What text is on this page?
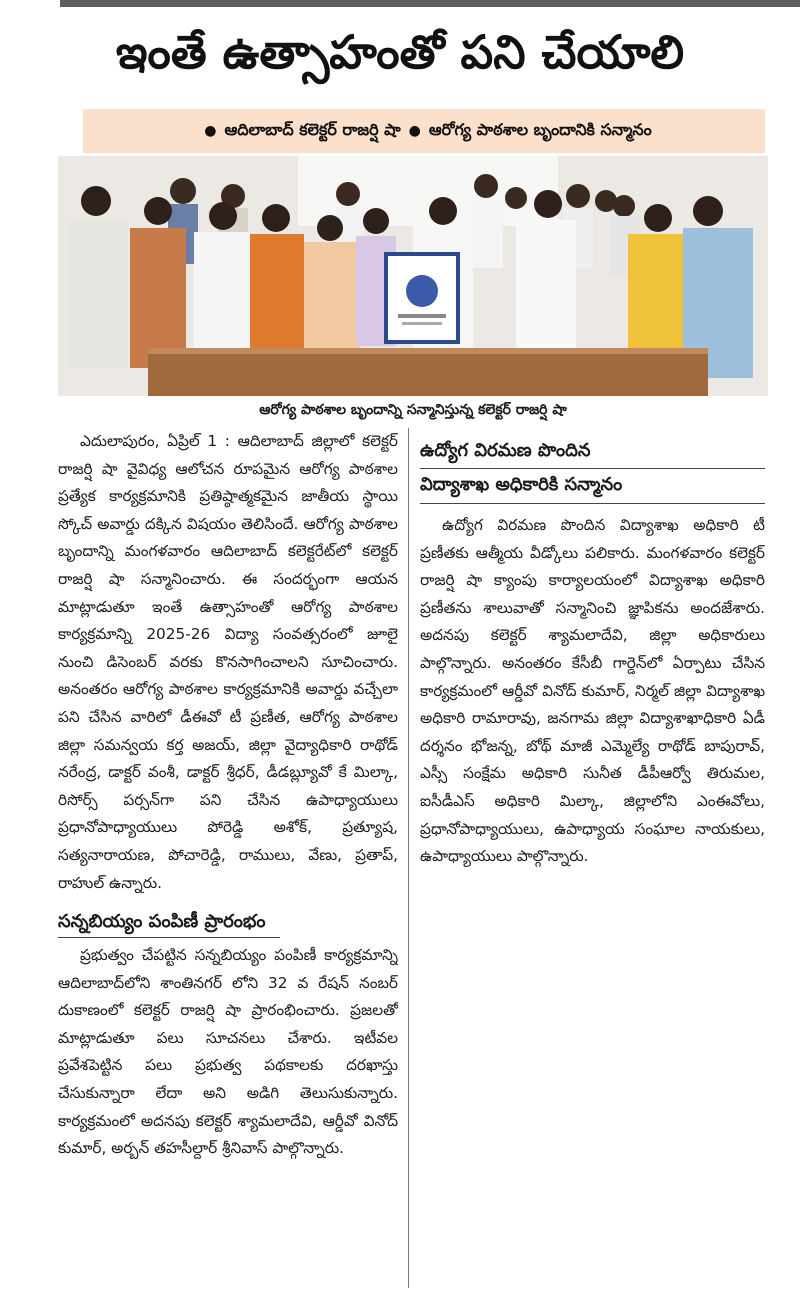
ఇంతే ఉత్సాహంతో పని చేయాలి
● ఆదిలాబాద్ కలెక్టర్ రాజర్షి షా ● ఆరోగ్య పాఠశాల బృందానికి సన్మానం
ఆరోగ్య పాఠశాల బృందాన్ని సన్మానిస్తున్న కలెక్టర్ రాజర్షి షా

ఎదులాపురం, ఏప్రిల్ 1 : ఆదిలాబాద్ జిల్లాలో కలెక్టర్ రాజర్షి షా వైవిధ్య ఆలోచన రూపమైన ఆరోగ్య పాఠశాల ప్రత్యేక కార్యక్రమానికి ప్రతిష్ఠాత్మకమైన జాతీయ స్థాయి స్కోచ్ అవార్డు దక్కిన విషయం తెలిసిందే. ఆరోగ్య పాఠశాల బృందాన్ని మంగళవారం ఆదిలాబాద్ కలెక్టరేట్‌లో కలెక్టర్ రాజర్షి షా సన్మానించారు. ఈ సందర్భంగా ఆయన మాట్లాడుతూ ఇంతే ఉత్సాహంతో ఆరోగ్య పాఠశాల కార్యక్రమాన్ని 2025-26 విద్యా సంవత్సరంలో జూలై నుంచి డిసెంబర్ వరకు కొనసాగించాలని సూచించారు. అనంతరం ఆరోగ్య పాఠశాల కార్యక్రమానికి అవార్డు వచ్చేలా పని చేసిన వారిలో డీఈవో టీ ప్రణీత, ఆరోగ్య పాఠశాల జిల్లా సమన్వయ కర్త అజయ్, జిల్లా వైద్యాధికారి రాథోడ్ నరేంద్ర, డాక్టర్ వంశీ, డాక్టర్ శ్రీధర్, డీడబ్ల్యూవో కే మిల్కా, రిసోర్స్ పర్సన్‌గా పని చేసిన ఉపాధ్యాయులు ప్రధానోపాధ్యాయులు పోరెడ్డి అశోక్, ప్రత్యూష, సత్యనారాయణ, పోచారెడ్డి, రాములు, వేణు, ప్రతాప్, రాహుల్ ఉన్నారు.

సన్నబియ్యం పంపిణీ ప్రారంభం

ప్రభుత్వం చేపట్టిన సన్నబియ్యం పంపిణీ కార్యక్రమాన్ని ఆదిలాబాద్‌లోని శాంతినగర్ లోని 32 వ రేషన్ నంబర్ దుకాణంలో కలెక్టర్ రాజర్షి షా ప్రారంభించారు. ప్రజలతో మాట్లాడుతూ పలు సూచనలు చేశారు. ఇటీవల ప్రవేశపెట్టిన పలు ప్రభుత్వ పథకాలకు దరఖాస్తు చేసుకున్నారా లేదా అని అడిగి తెలుసుకున్నారు. కార్యక్రమంలో అదనపు కలెక్టర్ శ్యామలాదేవి, ఆర్డీవో వినోద్ కుమార్, అర్బన్ తహసీల్దార్ శ్రీనివాస్ పాల్గొన్నారు.

ఉద్యోగ విరమణ పొందిన
విద్యాశాఖ అధికారికి సన్మానం

ఉద్యోగ విరమణ పొందిన విద్యాశాఖ అధికారి టీ ప్రణీతకు ఆత్మీయ వీడ్కోలు పలికారు. మంగళవారం కలెక్టర్ రాజర్షి షా క్యాంపు కార్యాలయంలో విద్యాశాఖ అధికారి ప్రణీతను శాలువాతో సన్మానించి జ్ఞాపికను అందజేశారు. అదనపు కలెక్టర్ శ్యామలాదేవి, జిల్లా అధికారులు పాల్గొన్నారు. అనంతరం కేసీబీ గార్డెన్‌లో ఏర్పాటు చేసిన కార్యక్రమంలో ఆర్డీవో వినోద్ కుమార్, నిర్మల్ జిల్లా విద్యాశాఖ అధికారి రామారావు, జనగామ జిల్లా విద్యాశాఖాధికారి ఏడీ దర్శనం భోజన్న, బోథ్ మాజీ ఎమ్మెల్యే రాథోడ్ బాపురావ్, ఎస్సీ సంక్షేమ అధికారి సునీత డీపీఆర్వో తిరుమల, ఐసీడీఎస్ అధికారి మిల్కా, జిల్లాలోని ఎంఈవోలు, ప్రధానోపాధ్యాయులు, ఉపాధ్యాయ సంఘాల నాయకులు, ఉపాధ్యాయులు పాల్గొన్నారు.
